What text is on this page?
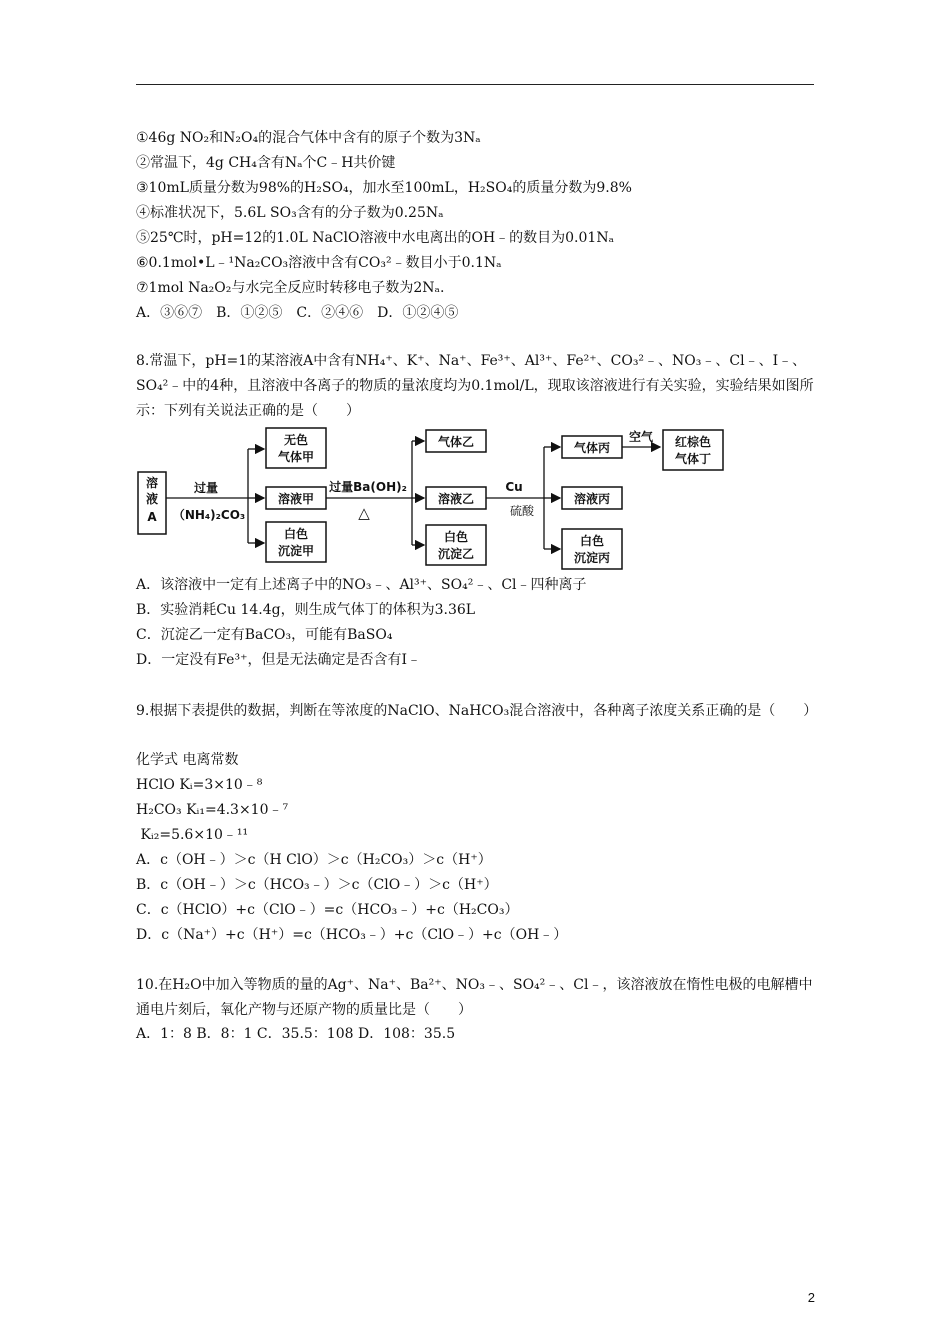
①46g NO₂和N₂O₄的混合气体中含有的原子个数为3Nₐ
②常温下，4g CH₄含有Nₐ个C﹣H共价键
③10mL质量分数为98%的H₂SO₄，加水至100mL，H₂SO₄的质量分数为9.8%
④标准状况下，5.6L SO₃含有的分子数为0.25Nₐ
⑤25℃时，pH=12的1.0L NaClO溶液中水电离出的OH﹣的数目为0.01Nₐ
⑥0.1mol•L﹣¹Na₂CO₃溶液中含有CO₃²﹣数目小于0.1Nₐ
⑦1mol Na₂O₂与水完全反应时转移电子数为2Nₐ.
A．③⑥⑦　B．①②⑤　C．②④⑥　D．①②④⑤
8.常温下，pH=1的某溶液A中含有NH₄⁺、K⁺、Na⁺、Fe³⁺、Al³⁺、Fe²⁺、CO₃²﹣、NO₃﹣、Cl﹣、I﹣、SO₄²﹣中的4种，且溶液中各离子的物质的量浓度均为0.1mol/L，现取该溶液进行有关实验，实验结果如图所示：下列有关说法正确的是（　　）
溶
液
A
过量
（NH₄)₂CO₃
无色
气体甲
溶液甲
白色
沉淀甲
过量Ba(OH)₂
△
气体乙
溶液乙
白色
沉淀乙
Cu
硫酸
气体丙
溶液丙
白色
沉淀丙
空气 红棕色
气体丁
A．该溶液中一定有上述离子中的NO₃﹣、Al³⁺、SO₄²﹣、Cl﹣四种离子
B．实验消耗Cu 14.4g，则生成气体丁的体积为3.36L
C．沉淀乙一定有BaCO₃，可能有BaSO₄
D．一定没有Fe³⁺，但是无法确定是否含有I﹣
9.根据下表提供的数据，判断在等浓度的NaClO、NaHCO₃混合溶液中，各种离子浓度关系正确的是（　　）
化学式 电离常数
HClO Kᵢ=3×10﹣⁸
H₂CO₃ Kᵢ₁=4.3×10﹣⁷
Kᵢ₂=5.6×10﹣¹¹
A．c（OH﹣）＞c（H ClO）＞c（H₂CO₃）＞c（H⁺）
B．c（OH﹣）＞c（HCO₃﹣）＞c（ClO﹣）＞c（H⁺）
C．c（HClO）+c（ClO﹣）=c（HCO₃﹣）+c（H₂CO₃）
D．c（Na⁺）+c（H⁺）=c（HCO₃﹣）+c（ClO﹣）+c（OH﹣）
10.在H₂O中加入等物质的量的Ag⁺、Na⁺、Ba²⁺、NO₃﹣、SO₄²﹣、Cl﹣，该溶液放在惰性电极的电解槽中通电片刻后，氧化产物与还原产物的质量比是（　　）
A．1：8 B．8：1 C．35.5：108 D．108：35.5
2
